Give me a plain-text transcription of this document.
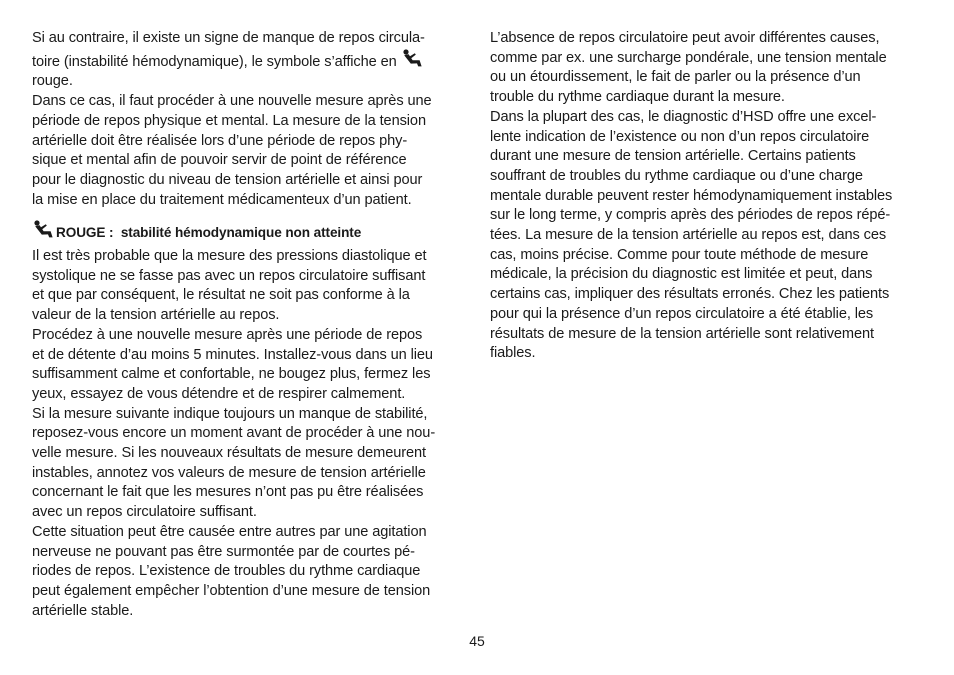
Si au contraire, il existe un signe de manque de repos circula-
toire (instabilité hémodynamique), le symbole s’affiche en
rouge.

Dans ce cas, il faut procéder à une nouvelle mesure après une
période de repos physique et mental. La mesure de la tension
artérielle doit être réalisée lors d’une période de repos phy-
sique et mental afin de pouvoir servir de point de référence
pour le diagnostic du niveau de tension artérielle et ainsi pour
la mise en place du traitement médicamenteux d’un patient.

ROUGE : stabilité hémodynamique non atteinte

Il est très probable que la mesure des pressions diastolique et
systolique ne se fasse pas avec un repos circulatoire suffisant
et que par conséquent, le résultat ne soit pas conforme à la
valeur de la tension artérielle au repos.

Procédez à une nouvelle mesure après une période de repos
et de détente d’au moins 5 minutes. Installez-vous dans un lieu
suffisamment calme et confortable, ne bougez plus, fermez les
yeux, essayez de vous détendre et de respirer calmement.

Si la mesure suivante indique toujours un manque de stabilité,
reposez-vous encore un moment avant de procéder à une nou-
velle mesure. Si les nouveaux résultats de mesure demeurent
instables, annotez vos valeurs de mesure de tension artérielle
concernant le fait que les mesures n’ont pas pu être réalisées
avec un repos circulatoire suffisant.

Cette situation peut être causée entre autres par une agitation
nerveuse ne pouvant pas être surmontée par de courtes pé-
riodes de repos. L’existence de troubles du rythme cardiaque
peut également empêcher l’obtention d’une mesure de tension
artérielle stable.

L’absence de repos circulatoire peut avoir différentes causes,
comme par ex. une surcharge pondérale, une tension mentale
ou un étourdissement, le fait de parler ou la présence d’un
trouble du rythme cardiaque durant la mesure.

Dans la plupart des cas, le diagnostic d’HSD offre une excel-
lente indication de l’existence ou non d’un repos circulatoire
durant une mesure de tension artérielle. Certains patients
souffrant de troubles du rythme cardiaque ou d’une charge
mentale durable peuvent rester hémodynamiquement instables
sur le long terme, y compris après des périodes de repos répé-
tées. La mesure de la tension artérielle au repos est, dans ces
cas, moins précise. Comme pour toute méthode de mesure
médicale, la précision du diagnostic est limitée et peut, dans
certains cas, impliquer des résultats erronés. Chez les patients
pour qui la présence d’un repos circulatoire a été établie, les
résultats de mesure de la tension artérielle sont relativement
fiables.

45
